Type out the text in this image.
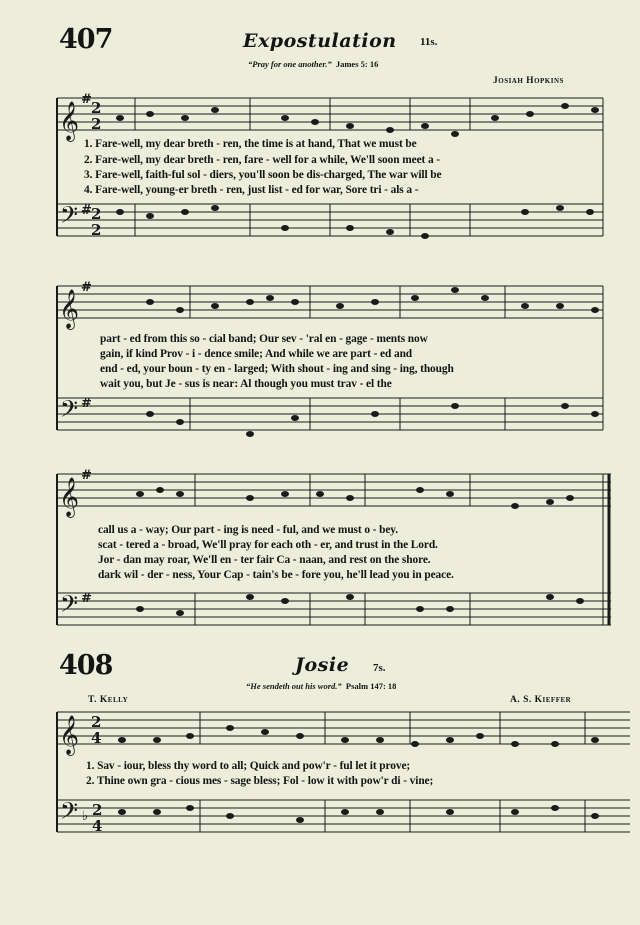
407	Expostulation 11s.
“Pray for one another.” James 5: 16
Josiah Hopkins
𝄞
𝄢
𝄞
𝄢
𝄞
𝄢
𝄞
𝄢
#
#
#
#
#
#
♭
2
2
2
2
2
4
2
4
1. Fare-well, my dear breth - ren, the time is at hand, That we must be
2. Fare-well, my dear breth - ren, fare - well for a while, We'll soon meet a -
3. Fare-well, faith-ful sol - diers, you'll soon be dis-charged, The war will be
4. Fare-well, young-er breth - ren, just list - ed for war, Sore tri - als a -
part - ed from this so - cial band; Our sev - 'ral en - gage - ments now
gain, if kind Prov - i - dence smile; And while we are part - ed and
end - ed, your boun - ty en - larged; With shout - ing and sing - ing, though
wait you, but Je - sus is near: Al though you must trav - el the
call us a - way; Our part - ing is need - ful, and we must o - bey.
scat - tered a - broad, We'll pray for each oth - er, and trust in the Lord.
Jor - dan may roar, We'll en - ter fair Ca - naan, and rest on the shore.
dark wil - der - ness, Your Cap - tain's be - fore you, he'll lead you in peace.
408	Josie 7s.
“He sendeth out his word.” Psalm 147: 18
T. Kelly	A. S. Kieffer
1. Sav - iour, bless thy word to all; Quick and pow'r - ful let it prove;
2. Thine own gra - cious mes - sage bless; Fol - low it with pow'r di - vine;
